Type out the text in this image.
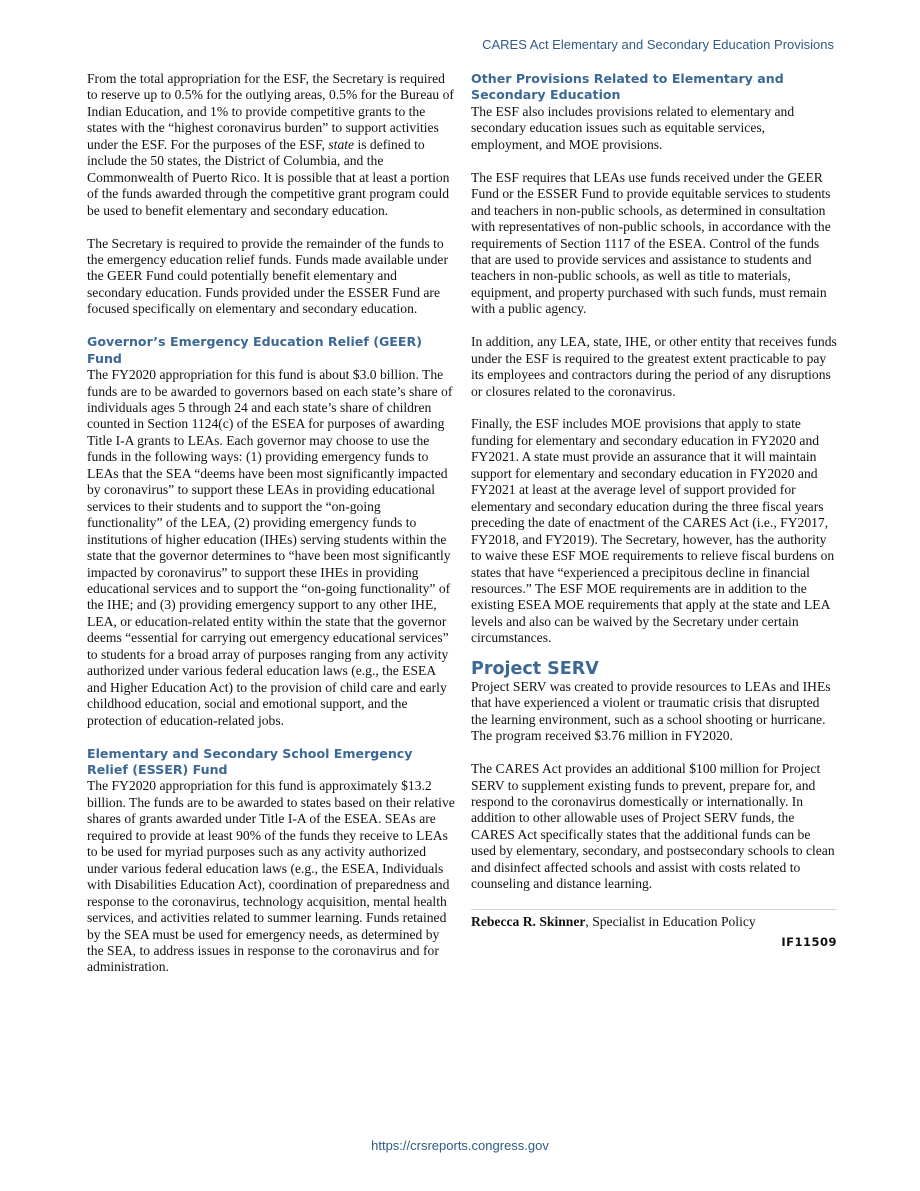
CARES Act Elementary and Secondary Education Provisions

From the total appropriation for the ESF, the Secretary is required to reserve up to 0.5% for the outlying areas, 0.5% for the Bureau of Indian Education, and 1% to provide competitive grants to the states with the “highest coronavirus burden” to support activities under the ESF. For the purposes of the ESF, state is defined to include the 50 states, the District of Columbia, and the Commonwealth of Puerto Rico. It is possible that at least a portion of the funds awarded through the competitive grant program could be used to benefit elementary and secondary education.

The Secretary is required to provide the remainder of the funds to the emergency education relief funds. Funds made available under the GEER Fund could potentially benefit elementary and secondary education. Funds provided under the ESSER Fund are focused specifically on elementary and secondary education.

Governor’s Emergency Education Relief (GEER) Fund

The FY2020 appropriation for this fund is about $3.0 billion. The funds are to be awarded to governors based on each state’s share of individuals ages 5 through 24 and each state’s share of children counted in Section 1124(c) of the ESEA for purposes of awarding Title I-A grants to LEAs. Each governor may choose to use the funds in the following ways: (1) providing emergency funds to LEAs that the SEA “deems have been most significantly impacted by coronavirus” to support these LEAs in providing educational services to their students and to support the “on-going functionality” of the LEA, (2) providing emergency funds to institutions of higher education (IHEs) serving students within the state that the governor determines to “have been most significantly impacted by coronavirus” to support these IHEs in providing educational services and to support the “on-going functionality” of the IHE; and (3) providing emergency support to any other IHE, LEA, or education-related entity within the state that the governor deems “essential for carrying out emergency educational services” to students for a broad array of purposes ranging from any activity authorized under various federal education laws (e.g., the ESEA and Higher Education Act) to the provision of child care and early childhood education, social and emotional support, and the protection of education-related jobs.

Elementary and Secondary School Emergency Relief (ESSER) Fund

The FY2020 appropriation for this fund is approximately $13.2 billion. The funds are to be awarded to states based on their relative shares of grants awarded under Title I-A of the ESEA. SEAs are required to provide at least 90% of the funds they receive to LEAs to be used for myriad purposes such as any activity authorized under various federal education laws (e.g., the ESEA, Individuals with Disabilities Education Act), coordination of preparedness and response to the coronavirus, technology acquisition, mental health services, and activities related to summer learning. Funds retained by the SEA must be used for emergency needs, as determined by the SEA, to address issues in response to the coronavirus and for administration.

Other Provisions Related to Elementary and Secondary Education

The ESF also includes provisions related to elementary and secondary education issues such as equitable services, employment, and MOE provisions.

The ESF requires that LEAs use funds received under the GEER Fund or the ESSER Fund to provide equitable services to students and teachers in non-public schools, as determined in consultation with representatives of non-public schools, in accordance with the requirements of Section 1117 of the ESEA. Control of the funds that are used to provide services and assistance to students and teachers in non-public schools, as well as title to materials, equipment, and property purchased with such funds, must remain with a public agency.

In addition, any LEA, state, IHE, or other entity that receives funds under the ESF is required to the greatest extent practicable to pay its employees and contractors during the period of any disruptions or closures related to the coronavirus.

Finally, the ESF includes MOE provisions that apply to state funding for elementary and secondary education in FY2020 and FY2021. A state must provide an assurance that it will maintain support for elementary and secondary education in FY2020 and FY2021 at least at the average level of support provided for elementary and secondary education during the three fiscal years preceding the date of enactment of the CARES Act (i.e., FY2017, FY2018, and FY2019). The Secretary, however, has the authority to waive these ESF MOE requirements to relieve fiscal burdens on states that have “experienced a precipitous decline in financial resources.” The ESF MOE requirements are in addition to the existing ESEA MOE requirements that apply at the state and LEA levels and also can be waived by the Secretary under certain circumstances.

Project SERV

Project SERV was created to provide resources to LEAs and IHEs that have experienced a violent or traumatic crisis that disrupted the learning environment, such as a school shooting or hurricane. The program received $3.76 million in FY2020.

The CARES Act provides an additional $100 million for Project SERV to supplement existing funds to prevent, prepare for, and respond to the coronavirus domestically or internationally. In addition to other allowable uses of Project SERV funds, the CARES Act specifically states that the additional funds can be used by elementary, secondary, and postsecondary schools to clean and disinfect affected schools and assist with costs related to counseling and distance learning.

Rebecca R. Skinner, Specialist in Education Policy

IF11509
https://crsreports.congress.gov
